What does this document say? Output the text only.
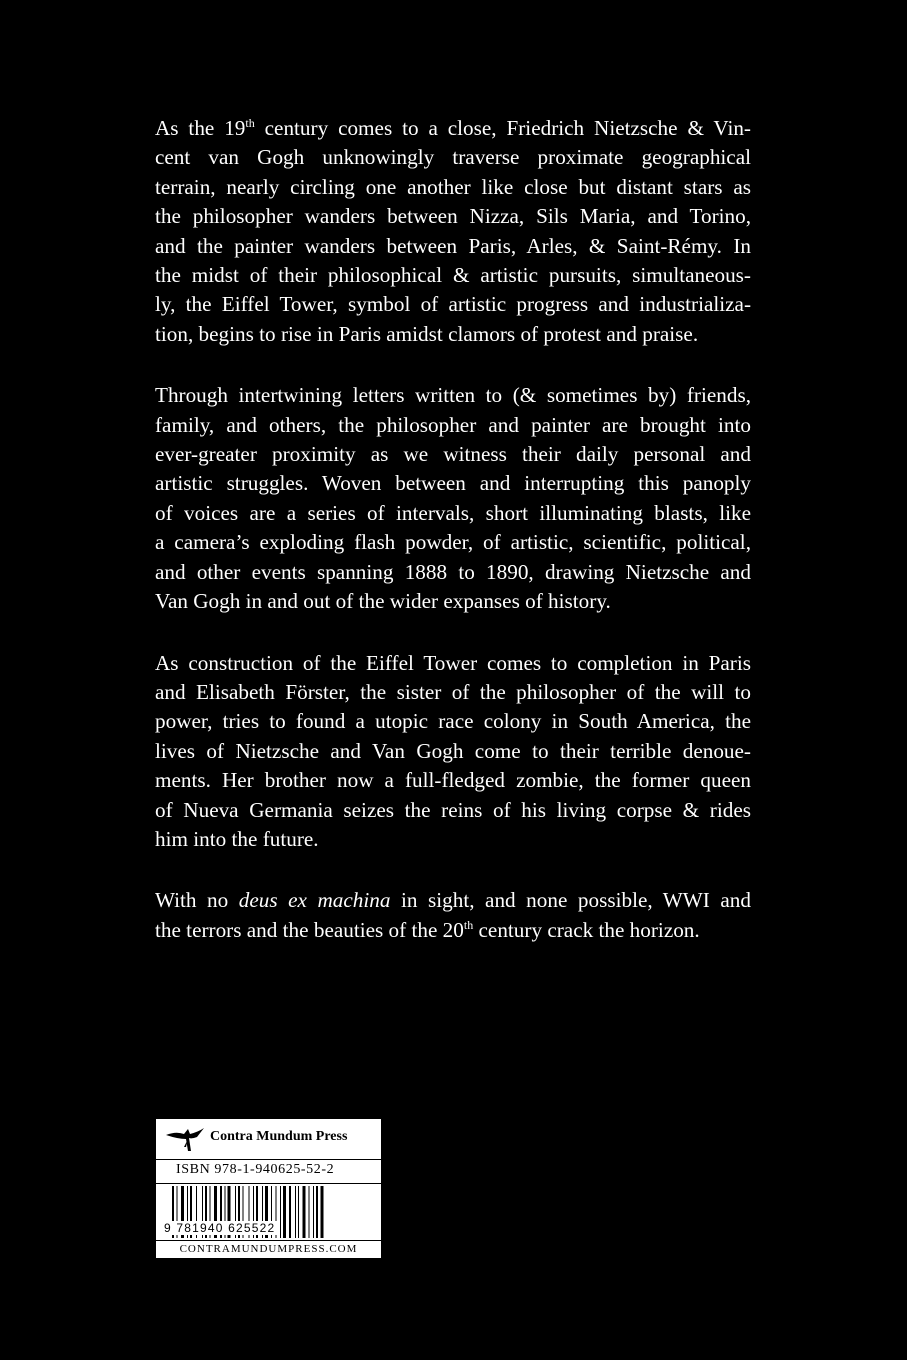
As the 19th century comes to a close, Friedrich Nietzsche & Vin-
cent van Gogh unknowingly traverse proximate geographical
terrain, nearly circling one another like close but distant stars as
the philosopher wanders between Nizza, Sils Maria, and Torino,
and the painter wanders between Paris, Arles, & Saint-Rémy. In
the midst of their philosophical & artistic pursuits, simultaneous-
ly, the Eiffel Tower, symbol of artistic progress and industrializa-
tion, begins to rise in Paris amidst clamors of protest and praise.

Through intertwining letters written to (& sometimes by) friends,
family, and others, the philosopher and painter are brought into
ever-greater proximity as we witness their daily personal and
artistic struggles. Woven between and interrupting this panoply
of voices are a series of intervals, short illuminating blasts, like
a camera’s exploding flash powder, of artistic, scientific, political,
and other events spanning 1888 to 1890, drawing Nietzsche and
Van Gogh in and out of the wider expanses of history.

As construction of the Eiffel Tower comes to completion in Paris
and Elisabeth Förster, the sister of the philosopher of the will to
power, tries to found a utopic race colony in South America, the
lives of Nietzsche and Van Gogh come to their terrible denoue-
ments. Her brother now a full-fledged zombie, the former queen
of Nueva Germania seizes the reins of his living corpse & rides
him into the future.

With no deus ex machina in sight, and none possible, WWI and
the terrors and the beauties of the 20th century crack the horizon.

Contra Mundum Press
ISBN 978-1-940625-52-2
9 781940 625522
CONTRAMUNDUMPRESS.COM
